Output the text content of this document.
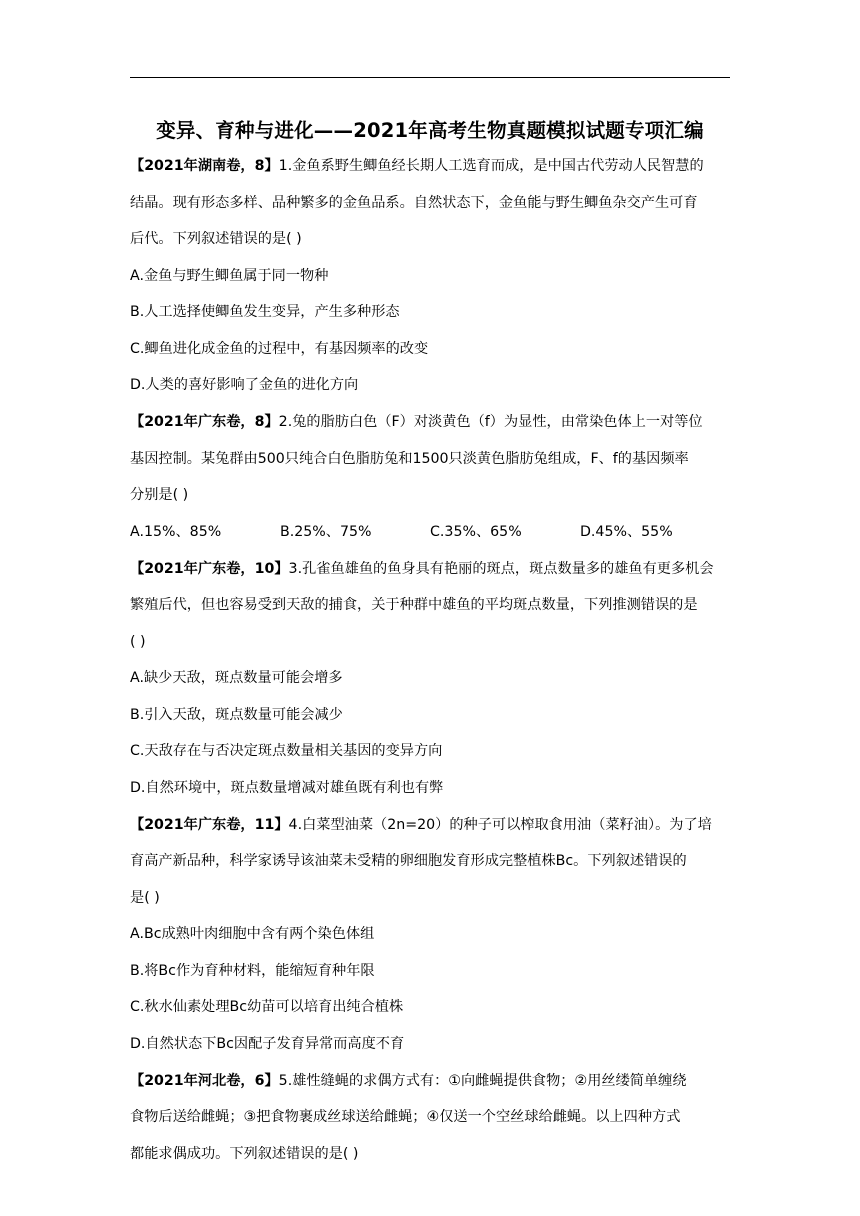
变异、育种与进化——2021年高考生物真题模拟试题专项汇编

【2021年湖南卷，8】1.金鱼系野生鲫鱼经长期人工选育而成，是中国古代劳动人民智慧的

结晶。现有形态多样、品种繁多的金鱼品系。自然状态下，金鱼能与野生鲫鱼杂交产生可育

后代。下列叙述错误的是( )

A.金鱼与野生鲫鱼属于同一物种

B.人工选择使鲫鱼发生变异，产生多种形态

C.鲫鱼进化成金鱼的过程中，有基因频率的改变

D.人类的喜好影响了金鱼的进化方向

【2021年广东卷，8】2.兔的脂肪白色（F）对淡黄色（f）为显性，由常染色体上一对等位

基因控制。某兔群由500只纯合白色脂肪兔和1500只淡黄色脂肪兔组成，F、f的基因频率

分别是( )

A.15%、85%	B.25%、75%	C.35%、65%	D.45%、55%

【2021年广东卷，10】3.孔雀鱼雄鱼的鱼身具有艳丽的斑点，斑点数量多的雄鱼有更多机会

繁殖后代，但也容易受到天敌的捕食，关于种群中雄鱼的平均斑点数量，下列推测错误的是

( )

A.缺少天敌，斑点数量可能会增多

B.引入天敌，斑点数量可能会减少

C.天敌存在与否决定斑点数量相关基因的变异方向

D.自然环境中，斑点数量增减对雄鱼既有利也有弊

【2021年广东卷，11】4.白菜型油菜（2n=20）的种子可以榨取食用油（菜籽油）。为了培

育高产新品种，科学家诱导该油菜未受精的卵细胞发育形成完整植株Bc。下列叙述错误的

是( )

A.Bc成熟叶肉细胞中含有两个染色体组

B.将Bc作为育种材料，能缩短育种年限

C.秋水仙素处理Bc幼苗可以培育出纯合植株

D.自然状态下Bc因配子发育异常而高度不育

【2021年河北卷，6】5.雄性缝蝇的求偶方式有：①向雌蝇提供食物；②用丝缕简单缠绕

食物后送给雌蝇；③把食物裹成丝球送给雌蝇；④仅送一个空丝球给雌蝇。以上四种方式

都能求偶成功。下列叙述错误的是( )
